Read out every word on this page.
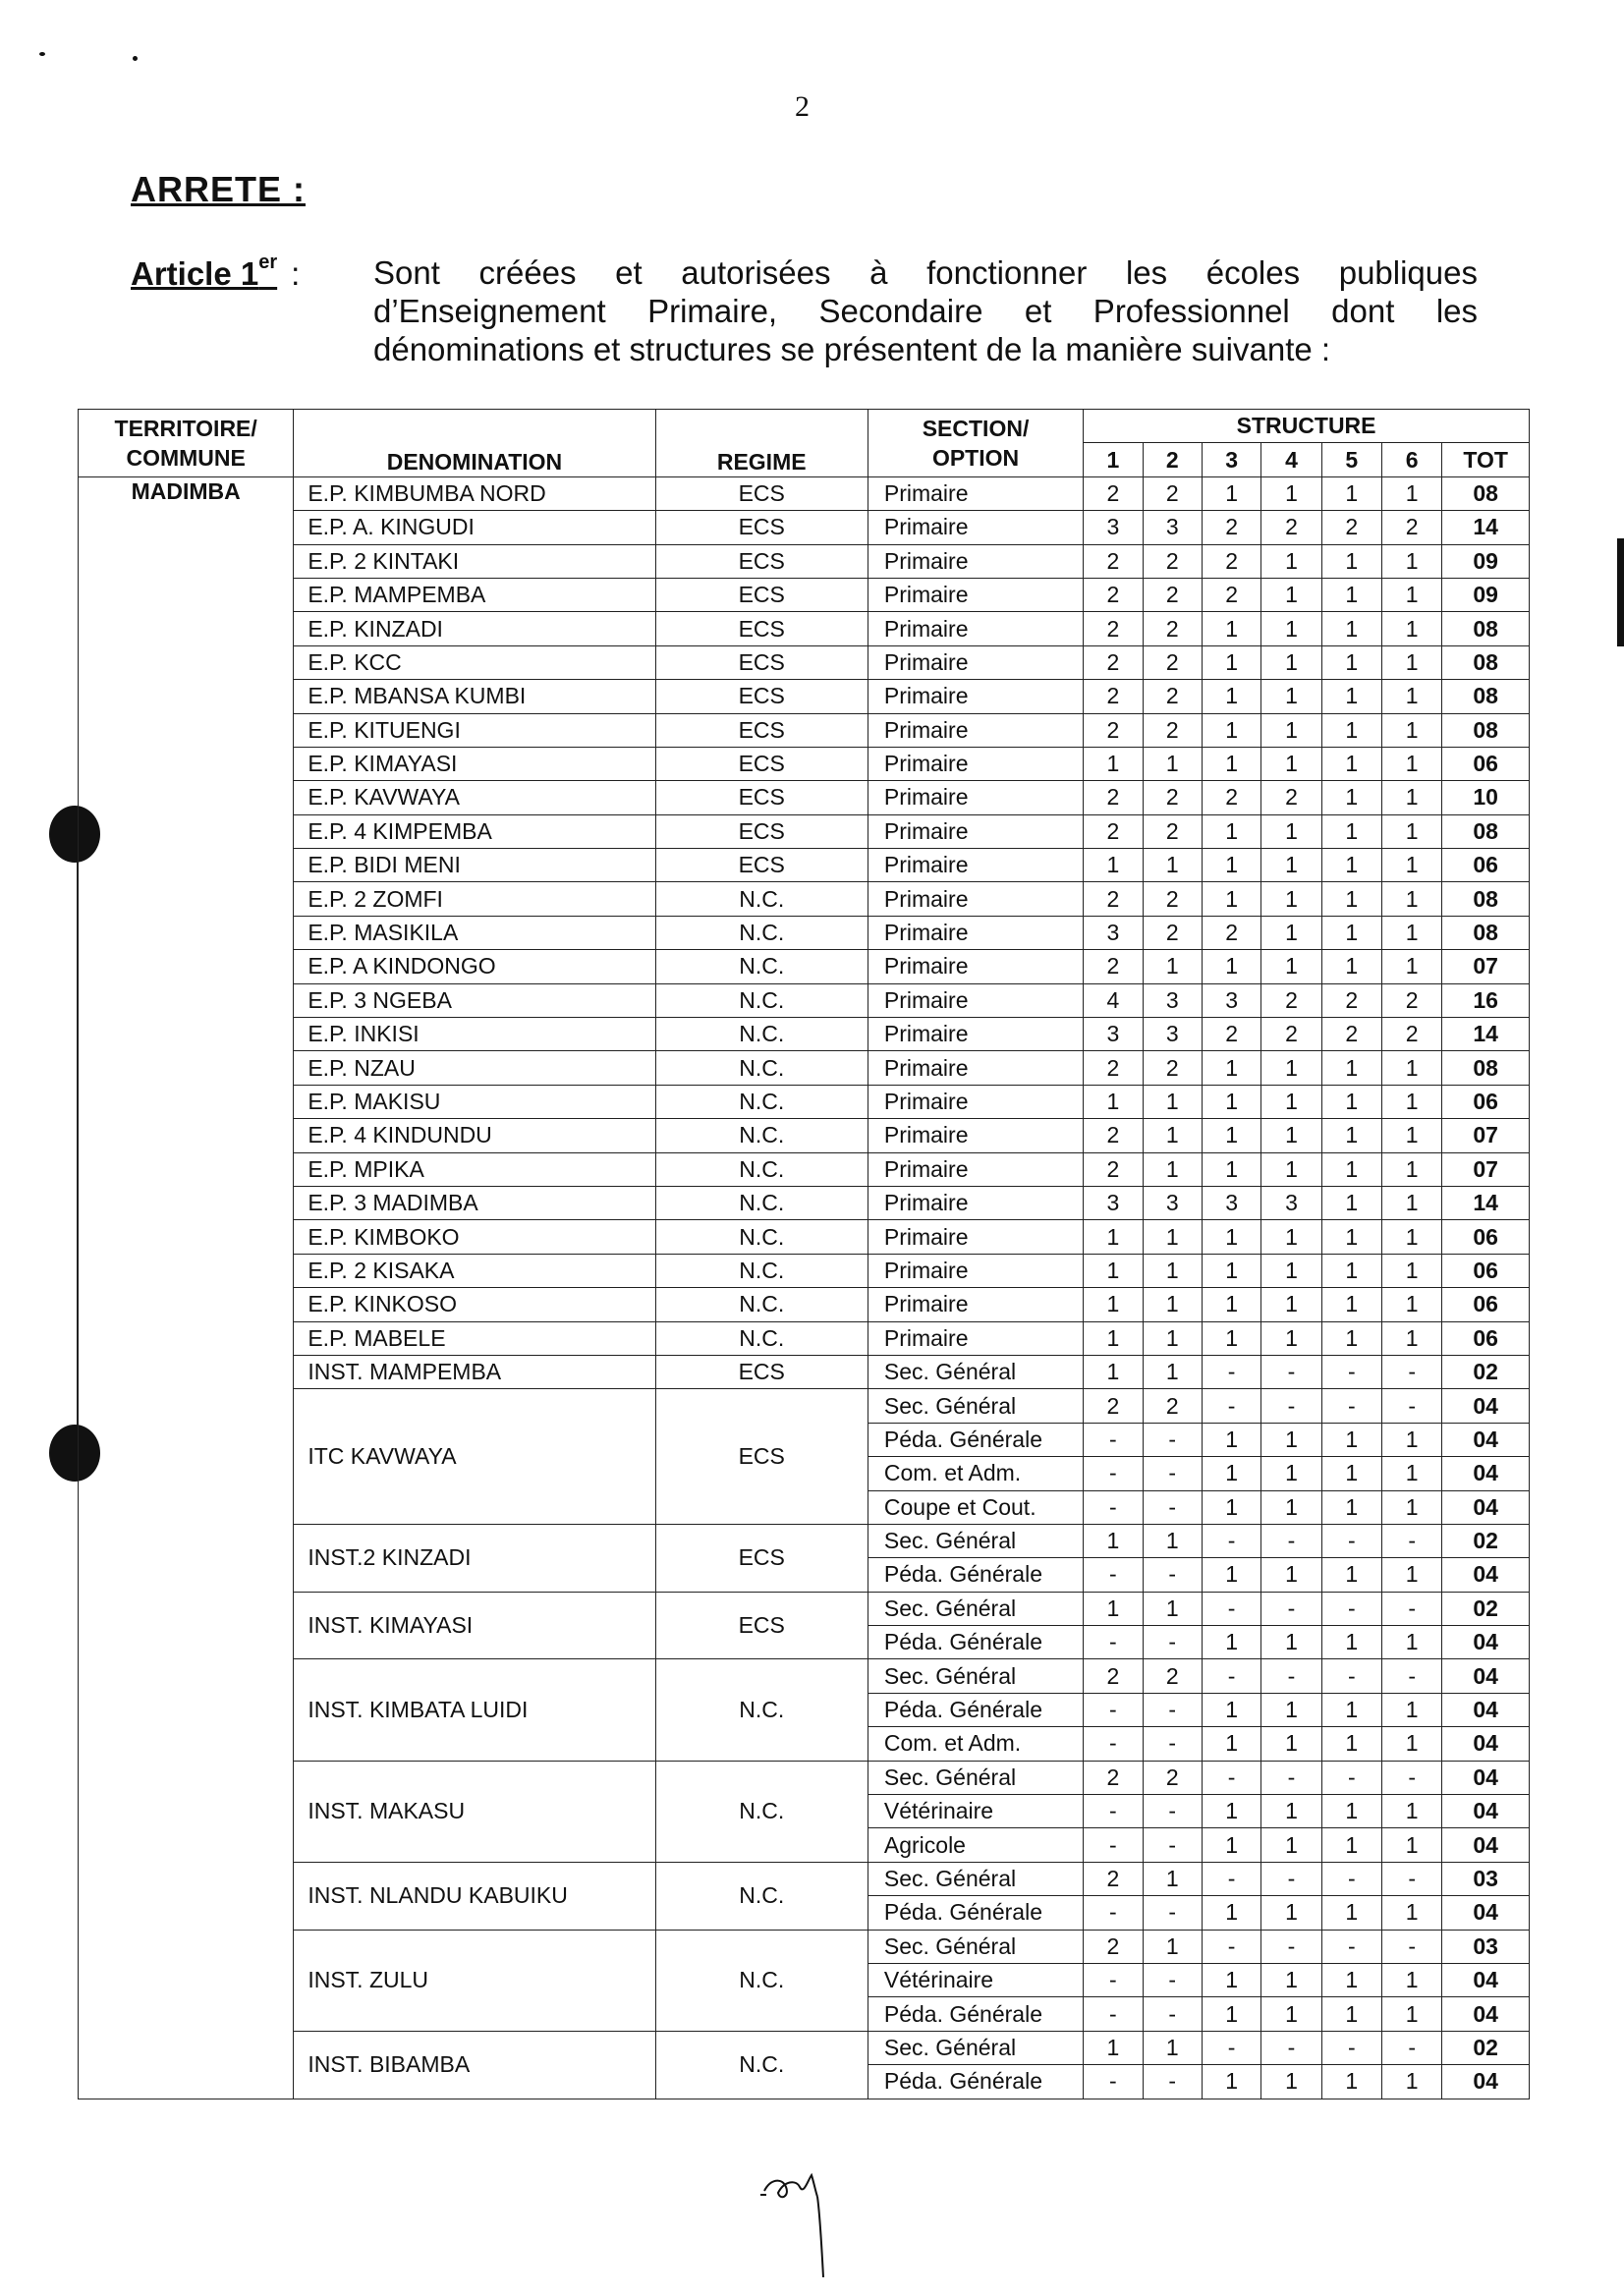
2
ARRETE :
Article 1er : Sont créées et autorisées à fonctionner les écoles publiques d’Enseignement Primaire, Secondaire et Professionnel dont les dénominations et structures se présentent de la manière suivante :
TERRITOIRE/
COMMUNE	DENOMINATION	REGIME	SECTION/
OPTION	STRUCTURE						
				1	2	3	4	5	6	TOT
MADIMBA	E.P. KIMBUMBA NORD	ECS	Primaire	2	2	1	1	1	1	08
	E.P. A. KINGUDI	ECS	Primaire	3	3	2	2	2	2	14
	E.P. 2 KINTAKI	ECS	Primaire	2	2	2	1	1	1	09
	E.P. MAMPEMBA	ECS	Primaire	2	2	2	1	1	1	09
	E.P. KINZADI	ECS	Primaire	2	2	1	1	1	1	08
	E.P. KCC	ECS	Primaire	2	2	1	1	1	1	08
	E.P. MBANSA KUMBI	ECS	Primaire	2	2	1	1	1	1	08
	E.P. KITUENGI	ECS	Primaire	2	2	1	1	1	1	08
	E.P. KIMAYASI	ECS	Primaire	1	1	1	1	1	1	06
	E.P. KAVWAYA	ECS	Primaire	2	2	2	2	1	1	10
	E.P. 4 KIMPEMBA	ECS	Primaire	2	2	1	1	1	1	08
	E.P. BIDI MENI	ECS	Primaire	1	1	1	1	1	1	06
	E.P. 2 ZOMFI	N.C.	Primaire	2	2	1	1	1	1	08
	E.P. MASIKILA	N.C.	Primaire	3	2	2	1	1	1	08
	E.P. A KINDONGO	N.C.	Primaire	2	1	1	1	1	1	07
	E.P. 3 NGEBA	N.C.	Primaire	4	3	3	2	2	2	16
	E.P. INKISI	N.C.	Primaire	3	3	2	2	2	2	14
	E.P. NZAU	N.C.	Primaire	2	2	1	1	1	1	08
	E.P. MAKISU	N.C.	Primaire	1	1	1	1	1	1	06
	E.P. 4 KINDUNDU	N.C.	Primaire	2	1	1	1	1	1	07
	E.P. MPIKA	N.C.	Primaire	2	1	1	1	1	1	07
	E.P. 3 MADIMBA	N.C.	Primaire	3	3	3	3	1	1	14
	E.P. KIMBOKO	N.C.	Primaire	1	1	1	1	1	1	06
	E.P. 2 KISAKA	N.C.	Primaire	1	1	1	1	1	1	06
	E.P. KINKOSO	N.C.	Primaire	1	1	1	1	1	1	06
	E.P. MABELE	N.C.	Primaire	1	1	1	1	1	1	06
	INST. MAMPEMBA	ECS	Sec. Général	1	1	-	-	-	-	02
	ITC KAVWAYA	ECS	Sec. Général	2	2	-	-	-	-	04
			Péda. Générale	-	-	1	1	1	1	04
			Com. et Adm.	-	-	1	1	1	1	04
			Coupe et Cout.	-	-	1	1	1	1	04
	INST.2 KINZADI	ECS	Sec. Général	1	1	-	-	-	-	02
			Péda. Générale	-	-	1	1	1	1	04
	INST. KIMAYASI	ECS	Sec. Général	1	1	-	-	-	-	02
			Péda. Générale	-	-	1	1	1	1	04
	INST. KIMBATA LUIDI	N.C.	Sec. Général	2	2	-	-	-	-	04
			Péda. Générale	-	-	1	1	1	1	04
			Com. et Adm.	-	-	1	1	1	1	04
	INST. MAKASU	N.C.	Sec. Général	2	2	-	-	-	-	04
			Vétérinaire	-	-	1	1	1	1	04
			Agricole	-	-	1	1	1	1	04
	INST. NLANDU KABUIKU	N.C.	Sec. Général	2	1	-	-	-	-	03
			Péda. Générale	-	-	1	1	1	1	04
	INST. ZULU	N.C.	Sec. Général	2	1	-	-	-	-	03
			Vétérinaire	-	-	1	1	1	1	04
			Péda. Générale	-	-	1	1	1	1	04
	INST. BIBAMBA	N.C.	Sec. Général	1	1	-	-	-	-	02
			Péda. Générale	-	-	1	1	1	1	04
